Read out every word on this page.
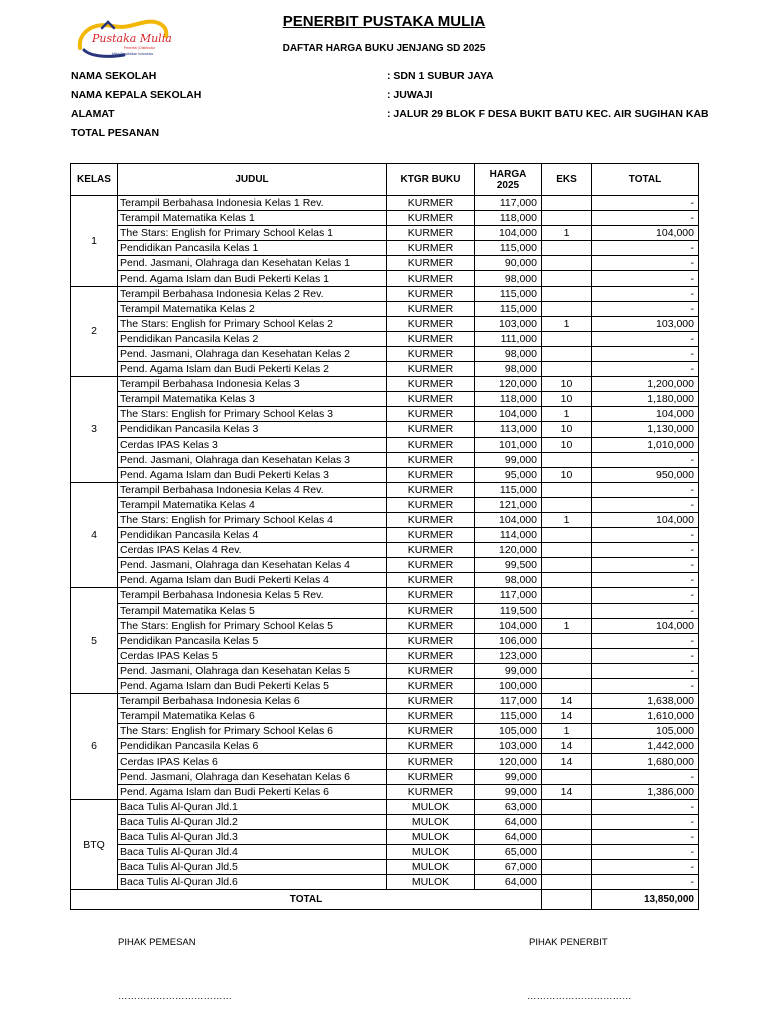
Pustaka Mulia
Penerbit | Distributor
Mitra Pendidikan Indonesia
PENERBIT PUSTAKA MULIA
DAFTAR HARGA BUKU JENJANG SD 2025
NAMA SEKOLAH	: SDN 1 SUBUR JAYA
NAMA KEPALA SEKOLAH	: JUWAJI
ALAMAT	: JALUR 29 BLOK F DESA BUKIT BATU KEC. AIR SUGIHAN KAB
TOTAL PESANAN
KELAS	JUDUL	KTGR BUKU	HARGA 2025	EKS	TOTAL
1	Terampil Berbahasa Indonesia Kelas 1 Rev.	KURMER	117,000		-
	Terampil Matematika Kelas 1	KURMER	118,000		-
	The Stars: English for Primary School Kelas 1	KURMER	104,000	1	104,000
	Pendidikan Pancasila Kelas 1	KURMER	115,000		-
	Pend. Jasmani, Olahraga dan Kesehatan Kelas 1	KURMER	90,000		-
	Pend. Agama Islam dan Budi Pekerti Kelas 1	KURMER	98,000		-
2	Terampil Berbahasa Indonesia Kelas 2 Rev.	KURMER	115,000		-
	Terampil Matematika Kelas 2	KURMER	115,000		-
	The Stars: English for Primary School Kelas 2	KURMER	103,000	1	103,000
	Pendidikan Pancasila Kelas 2	KURMER	111,000		-
	Pend. Jasmani, Olahraga dan Kesehatan Kelas 2	KURMER	98,000		-
	Pend. Agama Islam dan Budi Pekerti Kelas 2	KURMER	98,000		-
3	Terampil Berbahasa Indonesia Kelas 3	KURMER	120,000	10	1,200,000
	Terampil Matematika Kelas 3	KURMER	118,000	10	1,180,000
	The Stars: English for Primary School Kelas 3	KURMER	104,000	1	104,000
	Pendidikan Pancasila Kelas 3	KURMER	113,000	10	1,130,000
	Cerdas IPAS Kelas 3	KURMER	101,000	10	1,010,000
	Pend. Jasmani, Olahraga dan Kesehatan Kelas 3	KURMER	99,000		-
	Pend. Agama Islam dan Budi Pekerti Kelas 3	KURMER	95,000	10	950,000
4	Terampil Berbahasa Indonesia Kelas 4 Rev.	KURMER	115,000		-
	Terampil Matematika Kelas 4	KURMER	121,000		-
	The Stars: English for Primary School Kelas 4	KURMER	104,000	1	104,000
	Pendidikan Pancasila Kelas 4	KURMER	114,000		-
	Cerdas IPAS Kelas 4 Rev.	KURMER	120,000		-
	Pend. Jasmani, Olahraga dan Kesehatan Kelas 4	KURMER	99,500		-
	Pend. Agama Islam dan Budi Pekerti Kelas 4	KURMER	98,000		-
5	Terampil Berbahasa Indonesia Kelas 5 Rev.	KURMER	117,000		-
	Terampil Matematika Kelas 5	KURMER	119,500		-
	The Stars: English for Primary School Kelas 5	KURMER	104,000	1	104,000
	Pendidikan Pancasila Kelas 5	KURMER	106,000		-
	Cerdas IPAS Kelas 5	KURMER	123,000		-
	Pend. Jasmani, Olahraga dan Kesehatan Kelas 5	KURMER	99,000		-
	Pend. Agama Islam dan Budi Pekerti Kelas 5	KURMER	100,000		-
6	Terampil Berbahasa Indonesia Kelas 6	KURMER	117,000	14	1,638,000
	Terampil Matematika Kelas 6	KURMER	115,000	14	1,610,000
	The Stars: English for Primary School Kelas 6	KURMER	105,000	1	105,000
	Pendidikan Pancasila Kelas 6	KURMER	103,000	14	1,442,000
	Cerdas IPAS Kelas 6	KURMER	120,000	14	1,680,000
	Pend. Jasmani, Olahraga dan Kesehatan Kelas 6	KURMER	99,000		-
	Pend. Agama Islam dan Budi Pekerti Kelas 6	KURMER	99,000	14	1,386,000
BTQ	Baca Tulis Al-Quran Jld.1	MULOK	63,000		-
	Baca Tulis Al-Quran Jld.2	MULOK	64,000		-
	Baca Tulis Al-Quran Jld.3	MULOK	64,000		-
	Baca Tulis Al-Quran Jld.4	MULOK	65,000		-
	Baca Tulis Al-Quran Jld.5	MULOK	67,000		-
	Baca Tulis Al-Quran Jld.6	MULOK	64,000		-
TOTAL					13,850,000
PIHAK PEMESAN	PIHAK PENERBIT
………………………………	……………………………
